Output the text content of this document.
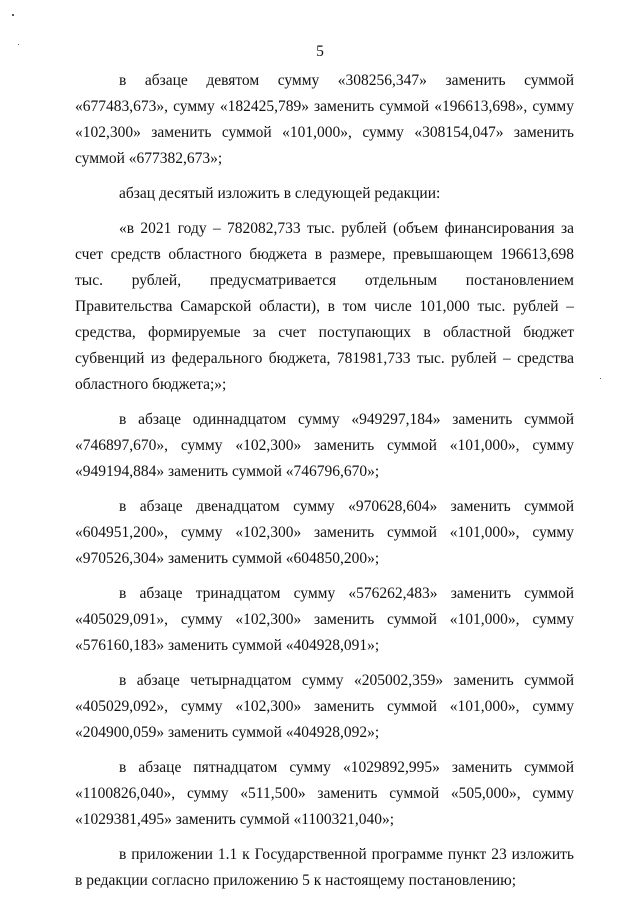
5

в абзаце девятом сумму «308256,347» заменить суммой «677483,673», сумму «182425,789» заменить суммой «196613,698», сумму «102,300» заменить суммой «101,000», сумму «308154,047» заменить суммой «677382,673»;

абзац десятый изложить в следующей редакции:

«в 2021 году – 782082,733 тыс. рублей (объем финансирования за счет средств областного бюджета в размере, превышающем 196613,698 тыс. рублей, предусматривается отдельным постановлением Правительства Самарской области), в том числе 101,000 тыс. рублей – средства, формируемые за счет поступающих в областной бюджет субвенций из федерального бюджета, 781981,733 тыс. рублей – средства областного бюджета;»;

в абзаце одиннадцатом сумму «949297,184» заменить суммой «746897,670», сумму «102,300» заменить суммой «101,000», сумму «949194,884» заменить суммой «746796,670»;

в абзаце двенадцатом сумму «970628,604» заменить суммой «604951,200», сумму «102,300» заменить суммой «101,000», сумму «970526,304» заменить суммой «604850,200»;

в абзаце тринадцатом сумму «576262,483» заменить суммой «405029,091», сумму «102,300» заменить суммой «101,000», сумму «576160,183» заменить суммой «404928,091»;

в абзаце четырнадцатом сумму «205002,359» заменить суммой «405029,092», сумму «102,300» заменить суммой «101,000», сумму «204900,059» заменить суммой «404928,092»;

в абзаце пятнадцатом сумму «1029892,995» заменить суммой «1100826,040», сумму «511,500» заменить суммой «505,000», сумму «1029381,495» заменить суммой «1100321,040»;

в приложении 1.1 к Государственной программе пункт 23 изложить в редакции согласно приложению 5 к настоящему постановлению;
